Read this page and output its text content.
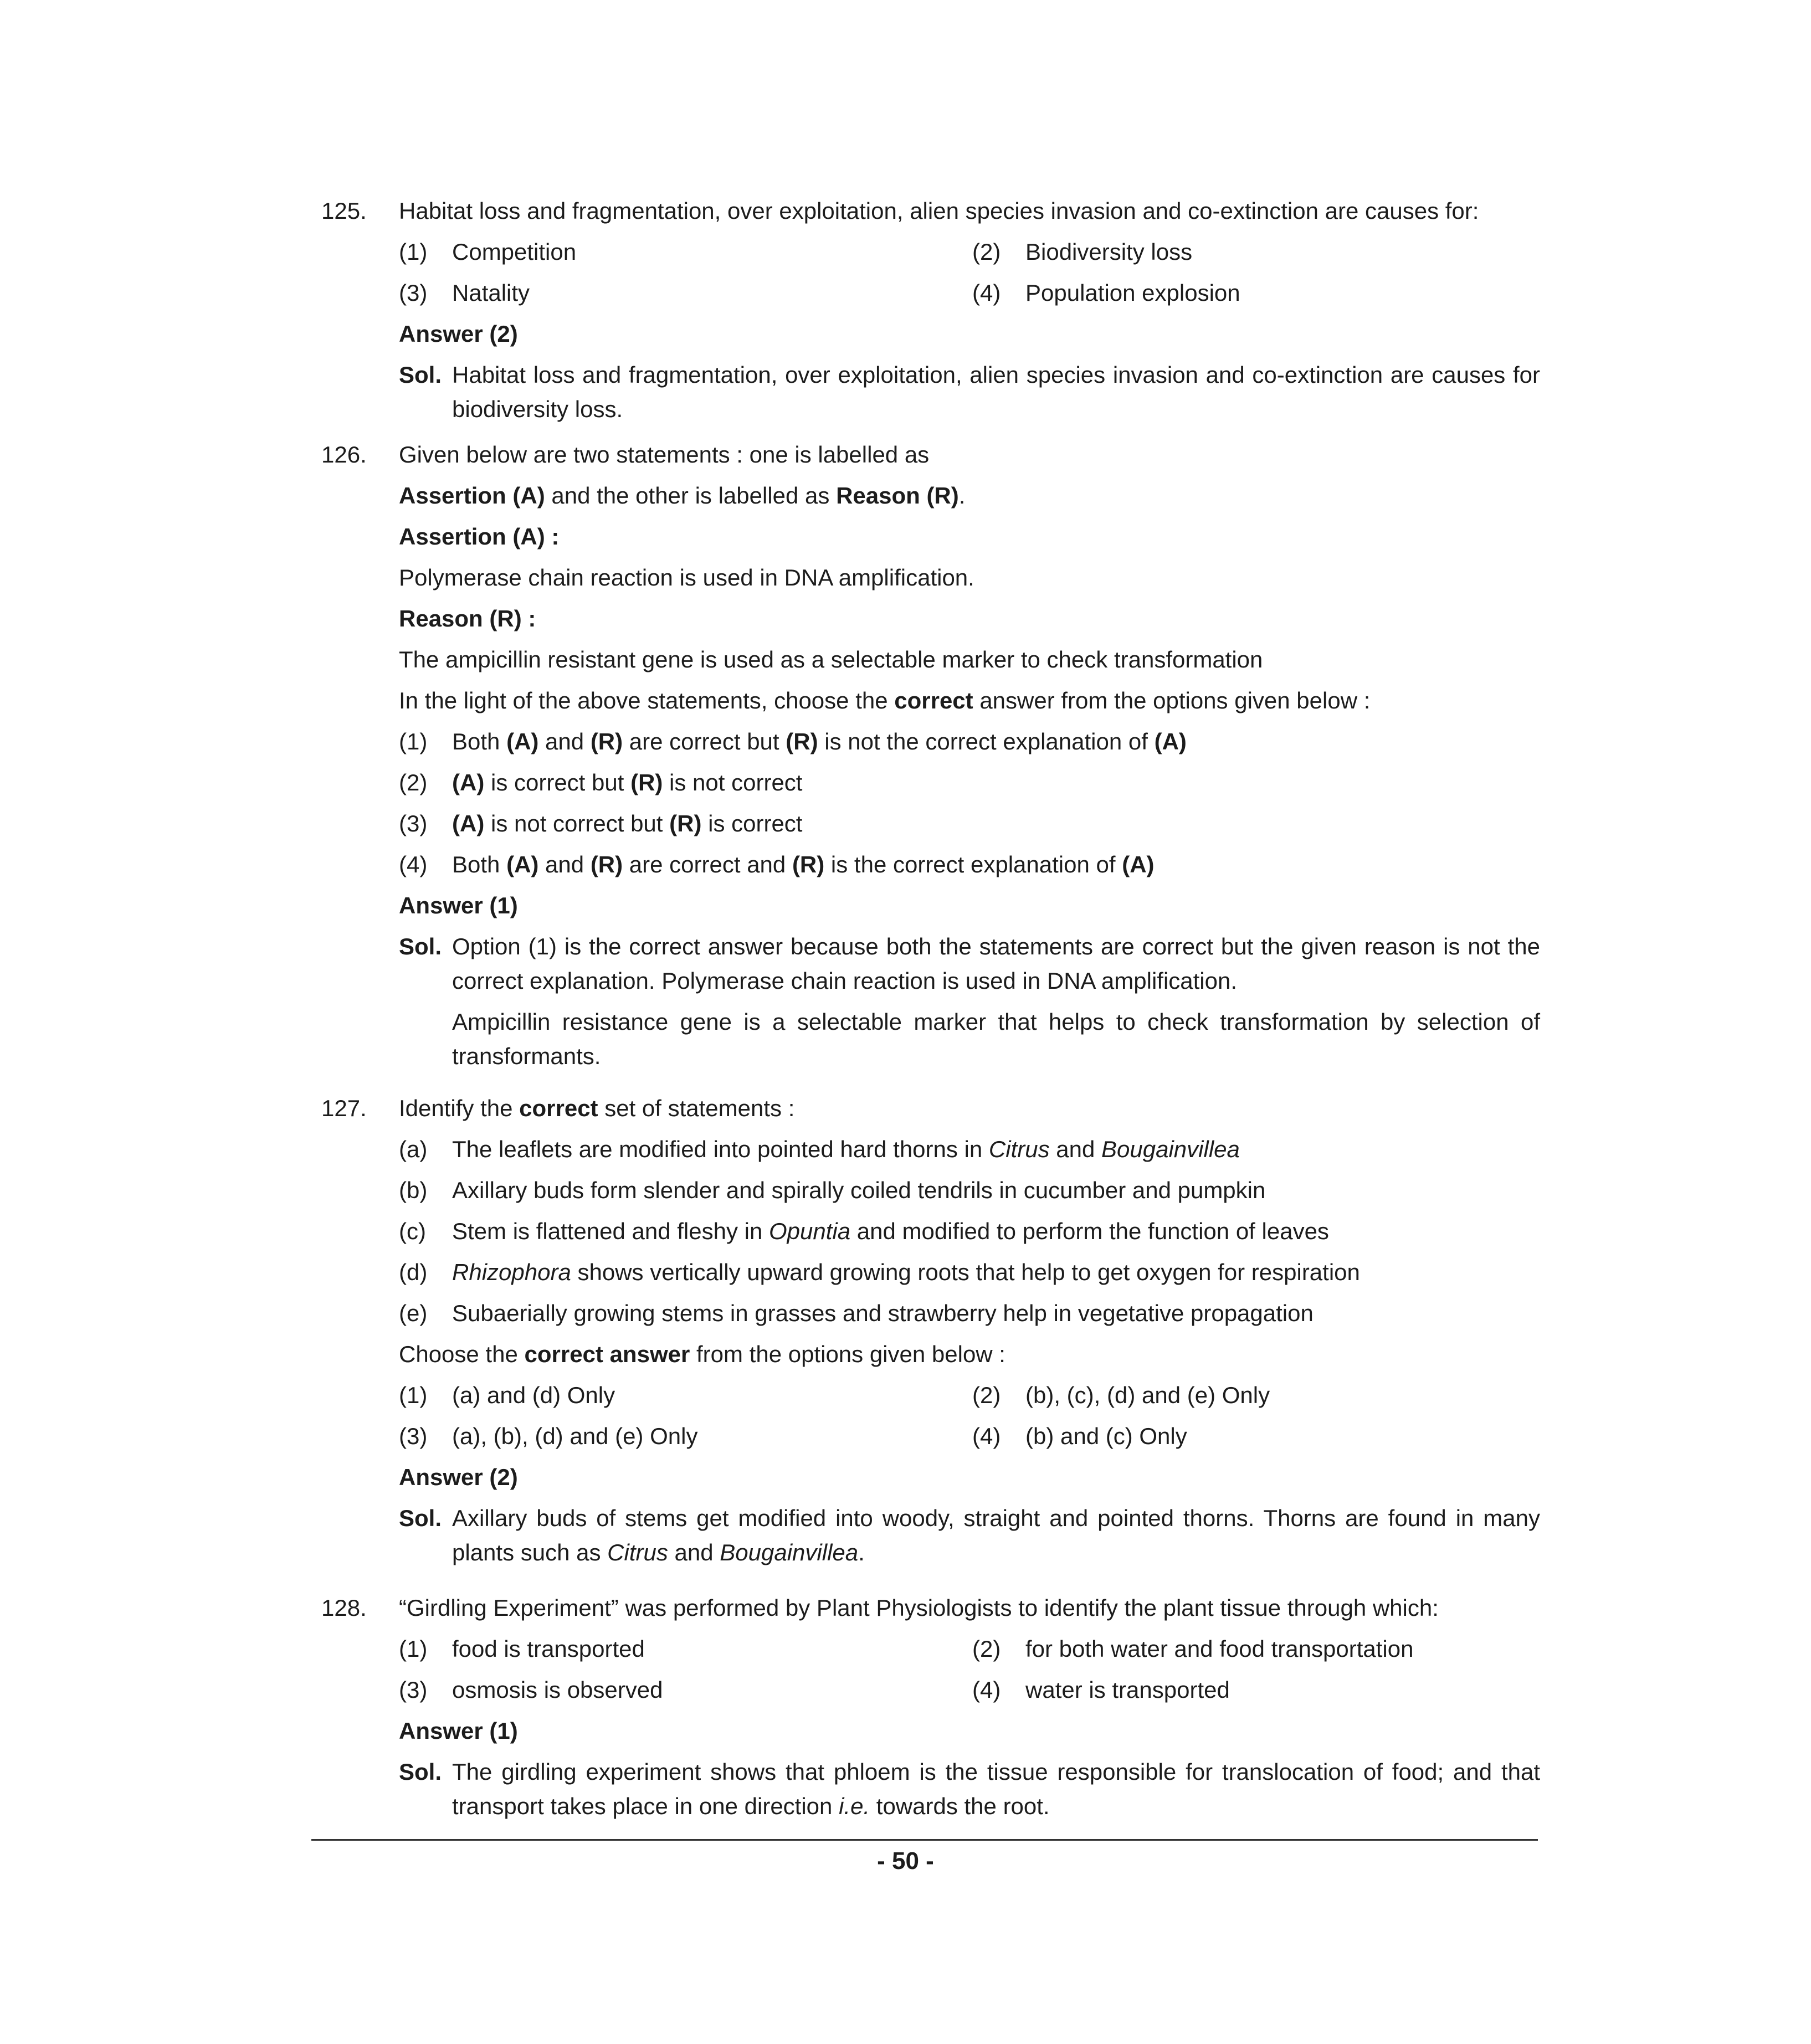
125. Habitat loss and fragmentation, over exploitation, alien species invasion and co-extinction are causes for:
(1) Competition	(2) Biodiversity loss
(3) Natality	(4) Population explosion
Answer (2)
Sol. Habitat loss and fragmentation, over exploitation, alien species invasion and co-extinction are causes for biodiversity loss.
126. Given below are two statements : one is labelled as
Assertion (A) and the other is labelled as Reason (R).
Assertion (A) :
Polymerase chain reaction is used in DNA amplification.
Reason (R) :
The ampicillin resistant gene is used as a selectable marker to check transformation
In the light of the above statements, choose the correct answer from the options given below :
(1) Both (A) and (R) are correct but (R) is not the correct explanation of (A)
(2) (A) is correct but (R) is not correct
(3) (A) is not correct but (R) is correct
(4) Both (A) and (R) are correct and (R) is the correct explanation of (A)
Answer (1)
Sol. Option (1) is the correct answer because both the statements are correct but the given reason is not the correct explanation. Polymerase chain reaction is used in DNA amplification.
Ampicillin resistance gene is a selectable marker that helps to check transformation by selection of transformants.
127. Identify the correct set of statements :
(a) The leaflets are modified into pointed hard thorns in Citrus and Bougainvillea
(b) Axillary buds form slender and spirally coiled tendrils in cucumber and pumpkin
(c) Stem is flattened and fleshy in Opuntia and modified to perform the function of leaves
(d) Rhizophora shows vertically upward growing roots that help to get oxygen for respiration
(e) Subaerially growing stems in grasses and strawberry help in vegetative propagation
Choose the correct answer from the options given below :
(1) (a) and (d) Only	(2) (b), (c), (d) and (e) Only
(3) (a), (b), (d) and (e) Only	(4) (b) and (c) Only
Answer (2)
Sol. Axillary buds of stems get modified into woody, straight and pointed thorns. Thorns are found in many plants such as Citrus and Bougainvillea.
128. “Girdling Experiment” was performed by Plant Physiologists to identify the plant tissue through which:
(1) food is transported	(2) for both water and food transportation
(3) osmosis is observed	(4) water is transported
Answer (1)
Sol. The girdling experiment shows that phloem is the tissue responsible for translocation of food; and that transport takes place in one direction i.e. towards the root.
- 50 -
